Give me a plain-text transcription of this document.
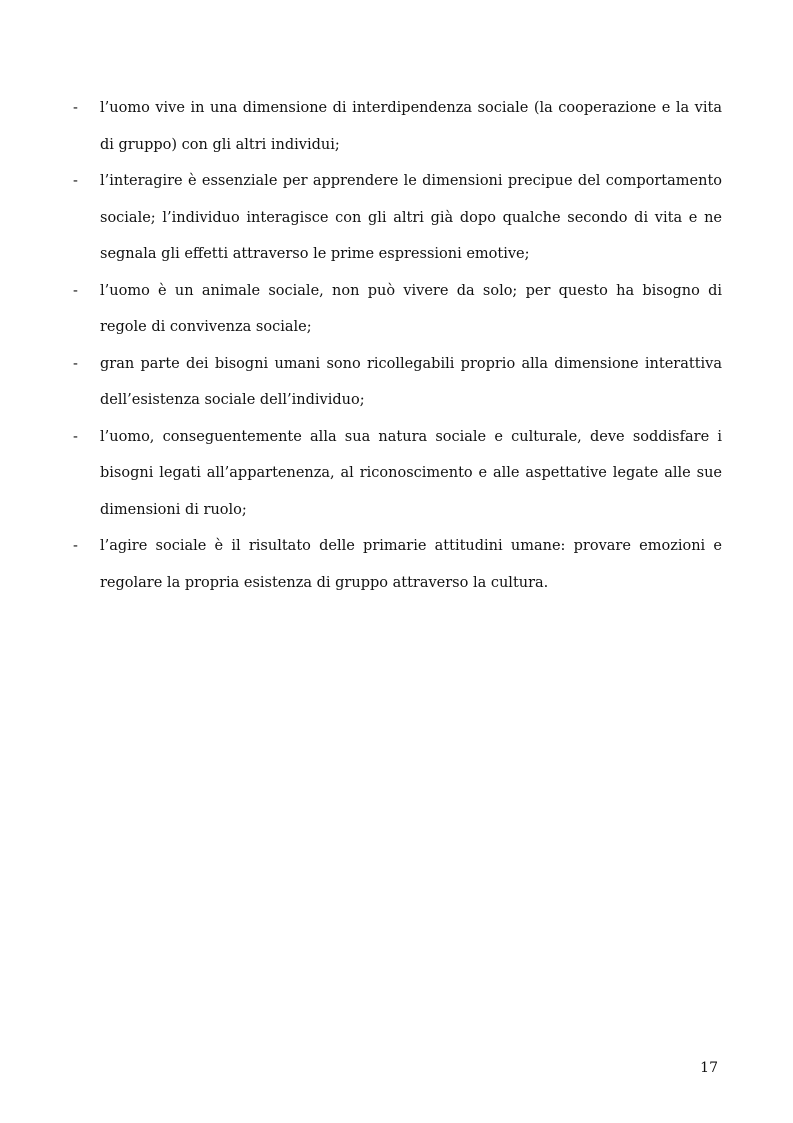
- l’uomo vive in una dimensione di interdipendenza sociale (la cooperazione e la vita di gruppo) con gli altri individui;
- l’interagire è essenziale per apprendere le dimensioni precipue del comportamento sociale; l’individuo interagisce con gli altri già dopo qualche secondo di vita e ne segnala gli effetti attraverso le prime espressioni emotive;
- l’uomo è un animale sociale, non può vivere da solo; per questo ha bisogno di regole di convivenza sociale;
- gran parte dei bisogni umani sono ricollegabili proprio alla dimensione interattiva dell’esistenza sociale dell’individuo;
- l’uomo, conseguentemente alla sua natura sociale e culturale, deve soddisfare i bisogni legati all’appartenenza, al riconoscimento e alle aspettative legate alle sue dimensioni di ruolo;
- l’agire sociale è il risultato delle primarie attitudini umane: provare emozioni e regolare la propria esistenza di gruppo attraverso la cultura.
17
